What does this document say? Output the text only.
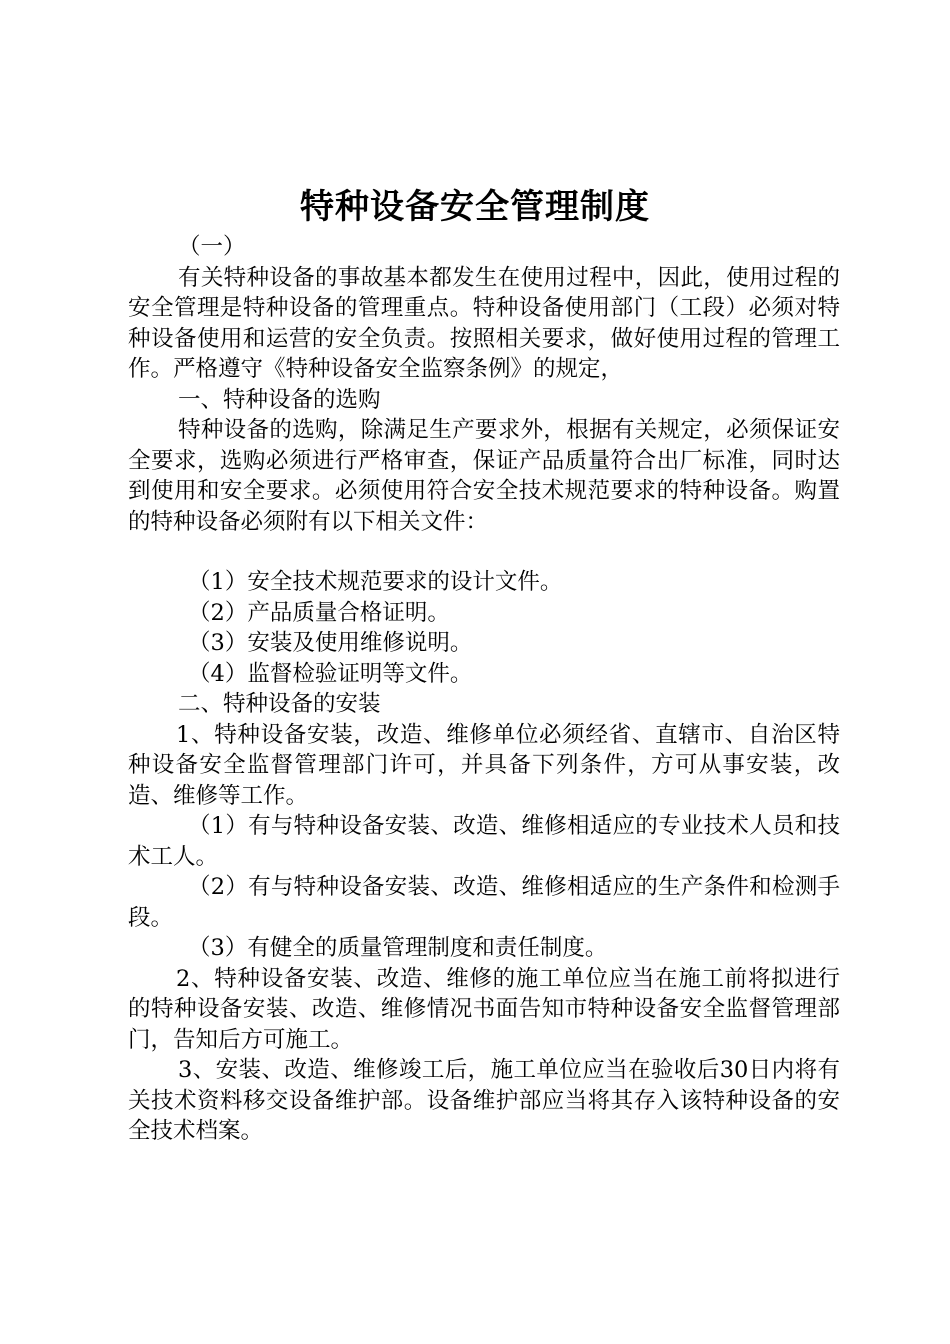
特种设备安全管理制度

（一）

有关特种设备的事故基本都发生在使用过程中，因此，使用过程的安全管理是特种设备的管理重点。特种设备使用部门（工段）必须对特种设备使用和运营的安全负责。按照相关要求，做好使用过程的管理工作。严格遵守《特种设备安全监察条例》的规定，

一、特种设备的选购

特种设备的选购，除满足生产要求外，根据有关规定，必须保证安全要求，选购必须进行严格审查，保证产品质量符合出厂标准，同时达到使用和安全要求。必须使用符合安全技术规范要求的特种设备。购置的特种设备必须附有以下相关文件：

（1）安全技术规范要求的设计文件。

（2）产品质量合格证明。

（3）安装及使用维修说明。

（4）监督检验证明等文件。

二、特种设备的安装

1、特种设备安装，改造、维修单位必须经省、直辖市、自治区特种设备安全监督管理部门许可，并具备下列条件，方可从事安装，改造、维修等工作。

（1）有与特种设备安装、改造、维修相适应的专业技术人员和技术工人。

（2）有与特种设备安装、改造、维修相适应的生产条件和检测手段。

（3）有健全的质量管理制度和责任制度。

2、特种设备安装、改造、维修的施工单位应当在施工前将拟进行的特种设备安装、改造、维修情况书面告知市特种设备安全监督管理部门，告知后方可施工。

3、安装、改造、维修竣工后，施工单位应当在验收后30日内将有关技术资料移交设备维护部。设备维护部应当将其存入该特种设备的安全技术档案。
